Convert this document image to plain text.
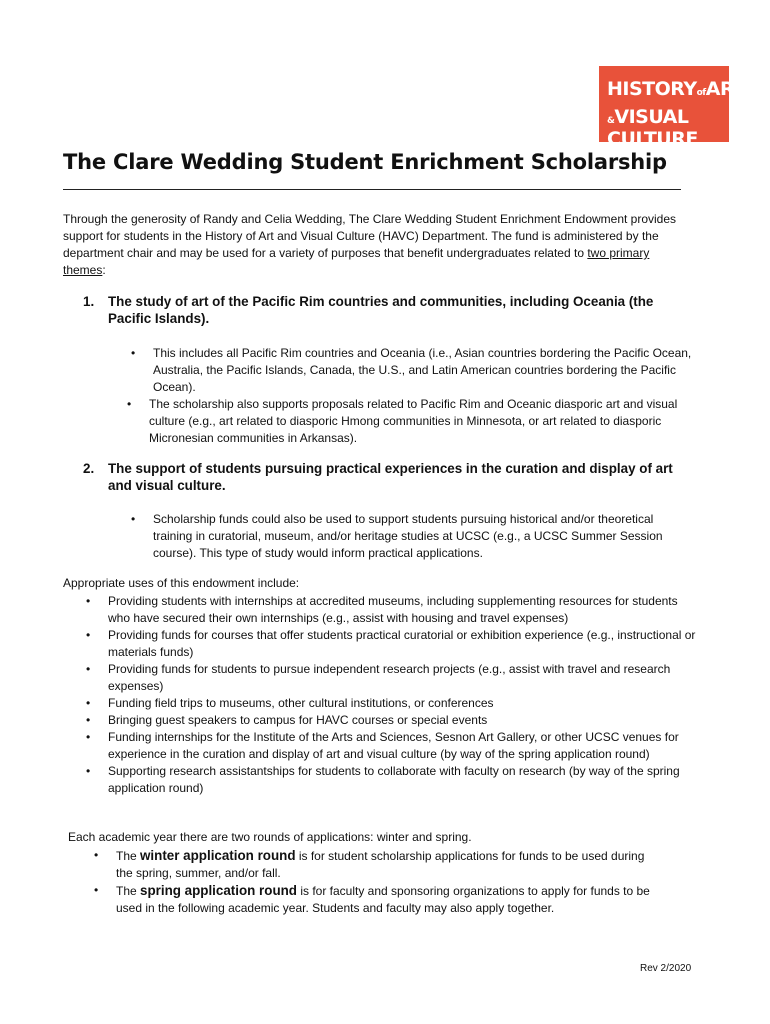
HISTORYofART
&VISUAL CULTURE
The Clare Wedding Student Enrichment Scholarship

Through the generosity of Randy and Celia Wedding, The Clare Wedding Student Enrichment Endowment provides support for students in the History of Art and Visual Culture (HAVC) Department. The fund is administered by the department chair and may be used for a variety of purposes that benefit undergraduates related to two primary themes:

1. The study of art of the Pacific Rim countries and communities, including Oceania (the Pacific Islands).
• This includes all Pacific Rim countries and Oceania (i.e., Asian countries bordering the Pacific Ocean, Australia, the Pacific Islands, Canada, the U.S., and Latin American countries bordering the Pacific Ocean).
• The scholarship also supports proposals related to Pacific Rim and Oceanic diasporic art and visual culture (e.g., art related to diasporic Hmong communities in Minnesota, or art related to diasporic Micronesian communities in Arkansas).
2. The support of students pursuing practical experiences in the curation and display of art and visual culture.
• Scholarship funds could also be used to support students pursuing historical and/or theoretical training in curatorial, museum, and/or heritage studies at UCSC (e.g., a UCSC Summer Session course). This type of study would inform practical applications.

Appropriate uses of this endowment include:

• Providing students with internships at accredited museums, including supplementing resources for students who have secured their own internships (e.g., assist with housing and travel expenses)
• Providing funds for courses that offer students practical curatorial or exhibition experience (e.g., instructional or materials funds)
• Providing funds for students to pursue independent research projects (e.g., assist with travel and research expenses)
• Funding field trips to museums, other cultural institutions, or conferences
• Bringing guest speakers to campus for HAVC courses or special events
• Funding internships for the Institute of the Arts and Sciences, Sesnon Art Gallery, or other UCSC venues for experience in the curation and display of art and visual culture (by way of the spring application round)
• Supporting research assistantships for students to collaborate with faculty on research (by way of the spring application round)

Each academic year there are two rounds of applications: winter and spring.

• The winter application round is for student scholarship applications for funds to be used during the spring, summer, and/or fall.
• The spring application round is for faculty and sponsoring organizations to apply for funds to be used in the following academic year. Students and faculty may also apply together.
Rev 2/2020
